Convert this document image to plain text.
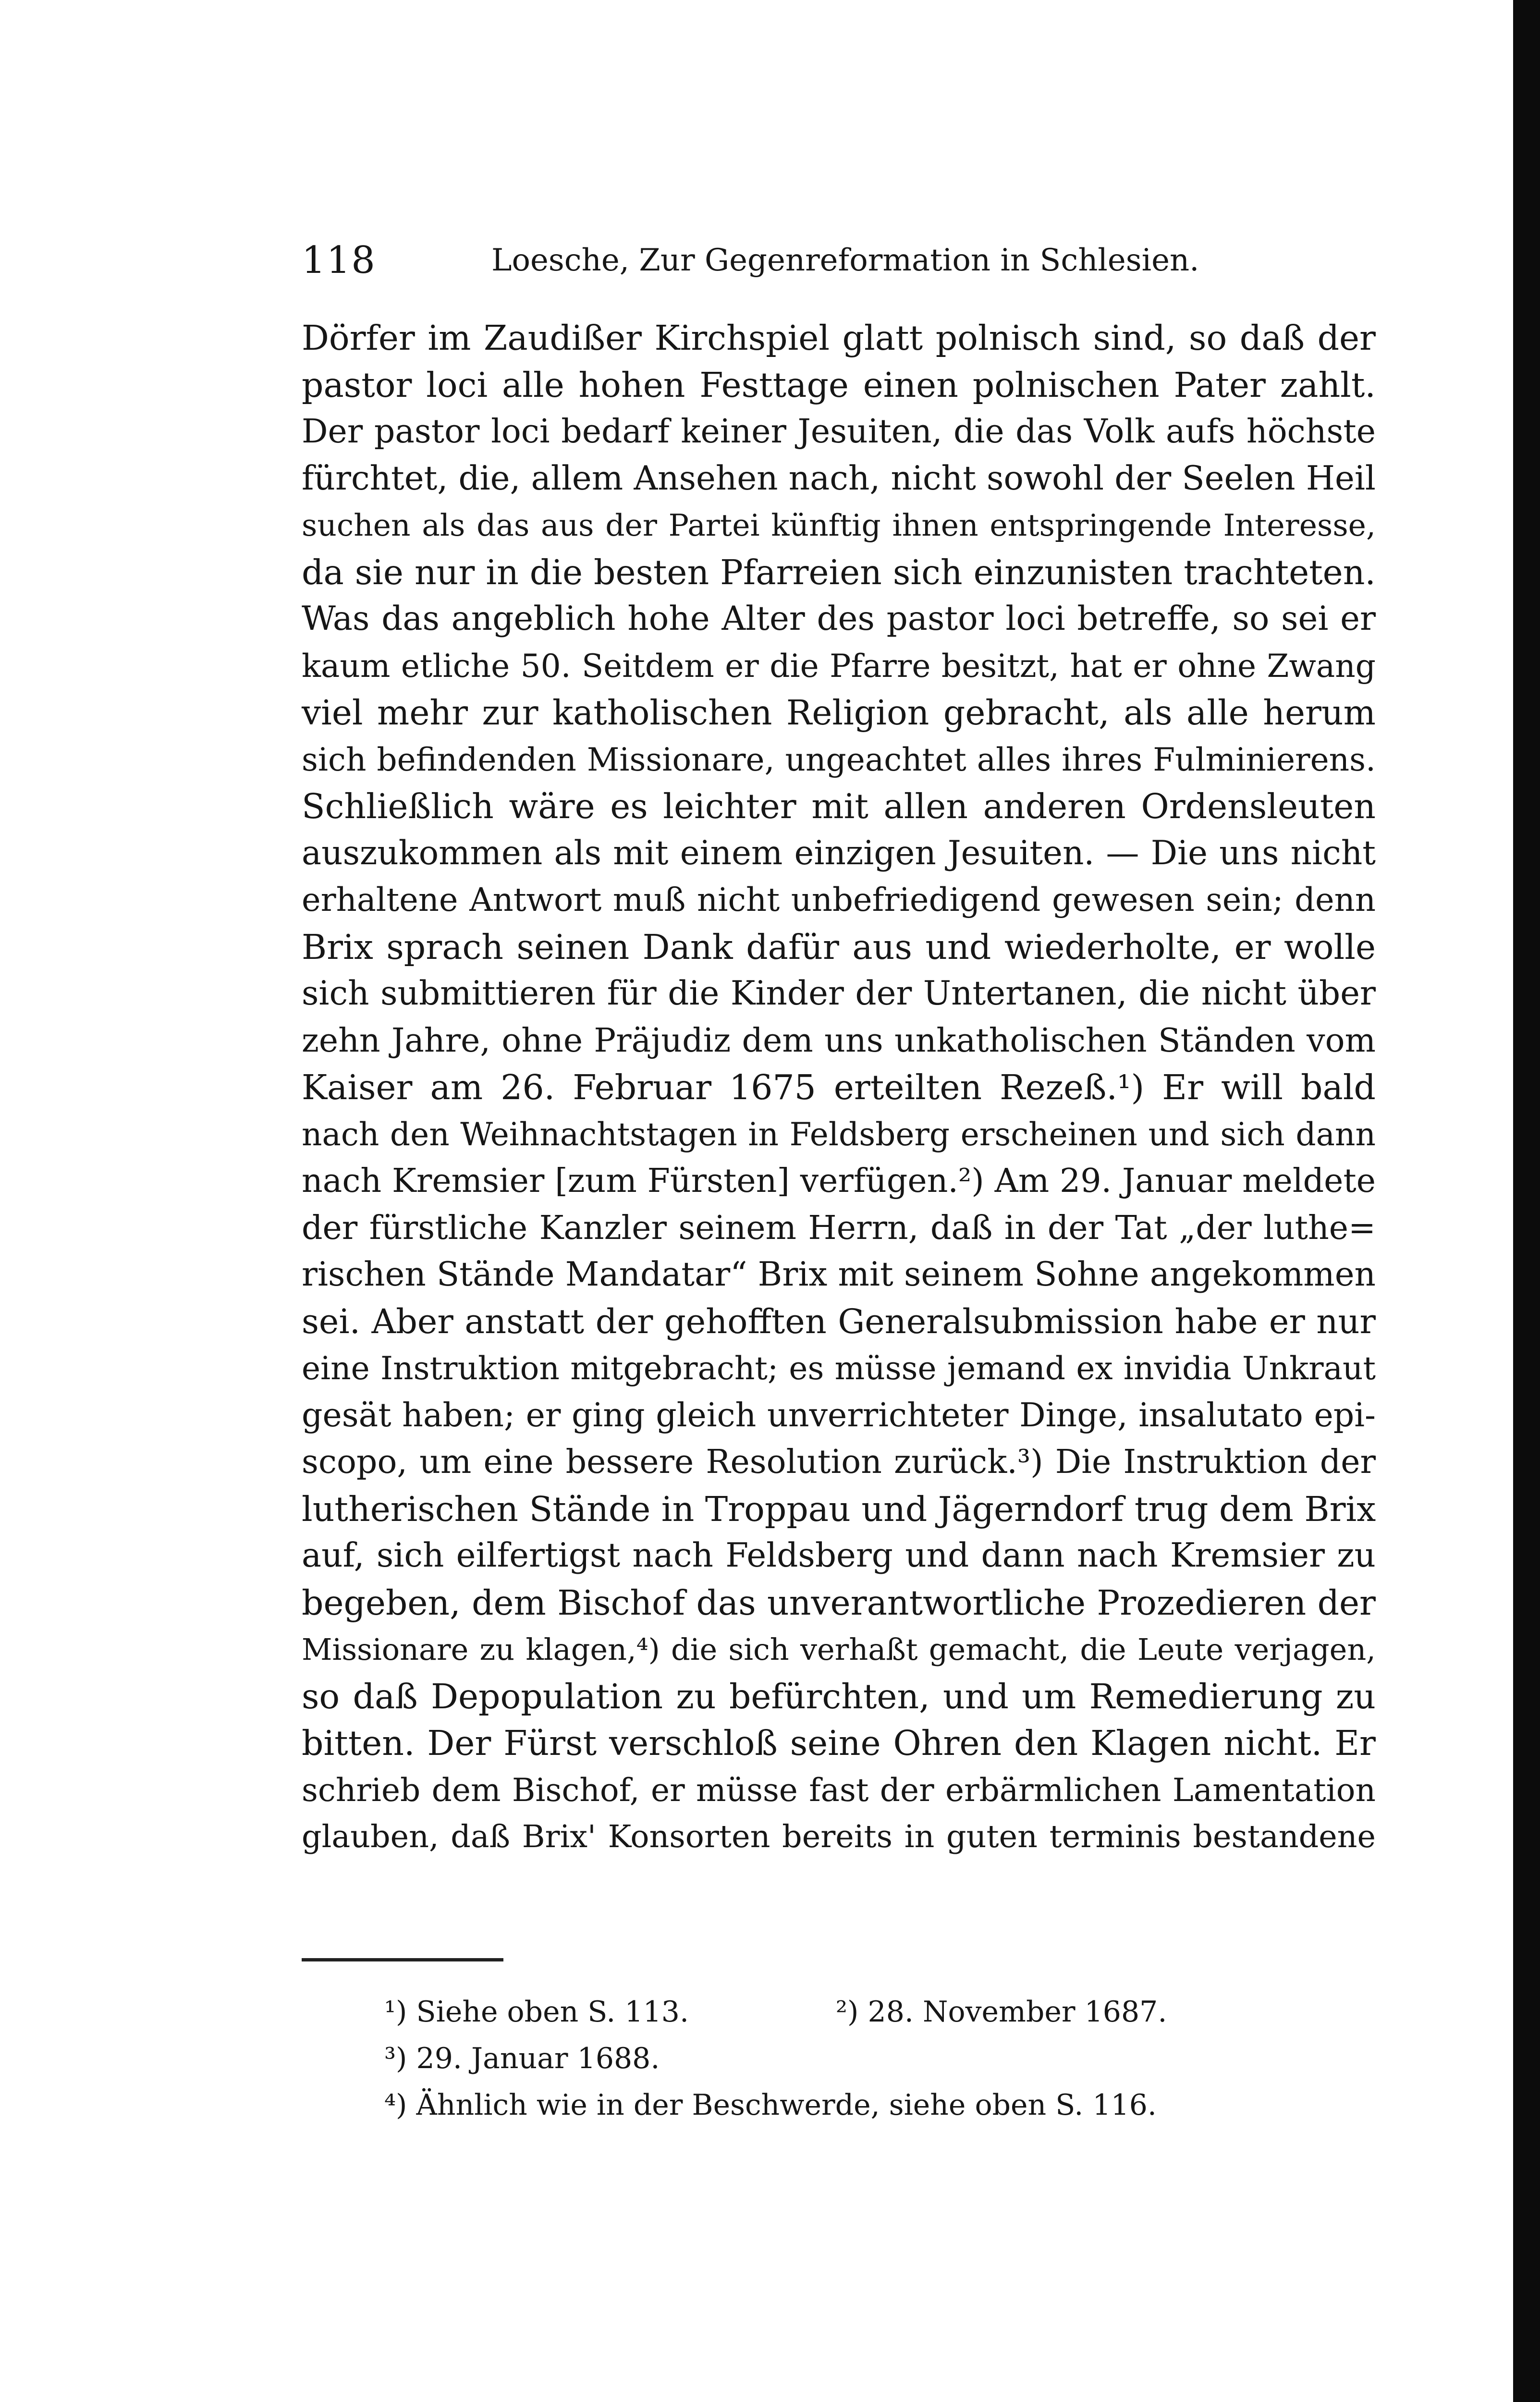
118	Loesche, Zur Gegenreformation in Schlesien.
Dörfer im Zaudißer Kirchspiel glatt polnisch sind, so daß der
pastor loci alle hohen Festtage einen polnischen Pater zahlt.
Der pastor loci bedarf keiner Jesuiten, die das Volk aufs höchste
fürchtet, die, allem Ansehen nach, nicht sowohl der Seelen Heil
suchen als das aus der Partei künftig ihnen entspringende Interesse,
da sie nur in die besten Pfarreien sich einzunisten trachteten.
Was das angeblich hohe Alter des pastor loci betreffe, so sei er
kaum etliche 50. Seitdem er die Pfarre besitzt, hat er ohne Zwang
viel mehr zur katholischen Religion gebracht, als alle herum
sich befindenden Missionare, ungeachtet alles ihres Fulminierens.
Schließlich wäre es leichter mit allen anderen Ordensleuten
auszukommen als mit einem einzigen Jesuiten. — Die uns nicht
erhaltene Antwort muß nicht unbefriedigend gewesen sein; denn
Brix sprach seinen Dank dafür aus und wiederholte, er wolle
sich submittieren für die Kinder der Untertanen, die nicht über
zehn Jahre, ohne Präjudiz dem uns unkatholischen Ständen vom
Kaiser am 26. Februar 1675 erteilten Rezeß.¹) Er will bald
nach den Weihnachtstagen in Feldsberg erscheinen und sich dann
nach Kremsier [zum Fürsten] verfügen.²) Am 29. Januar meldete
der fürstliche Kanzler seinem Herrn, daß in der Tat „der luthe=
rischen Stände Mandatar“ Brix mit seinem Sohne angekommen
sei. Aber anstatt der gehofften Generalsubmission habe er nur
eine Instruktion mitgebracht; es müsse jemand ex invidia Unkraut
gesät haben; er ging gleich unverrichteter Dinge, insalutato epi-
scopo, um eine bessere Resolution zurück.³) Die Instruktion der
lutherischen Stände in Troppau und Jägerndorf trug dem Brix
auf, sich eilfertigst nach Feldsberg und dann nach Kremsier zu
begeben, dem Bischof das unverantwortliche Prozedieren der
Missionare zu klagen,⁴) die sich verhaßt gemacht, die Leute verjagen,
so daß Depopulation zu befürchten, und um Remedierung zu
bitten. Der Fürst verschloß seine Ohren den Klagen nicht. Er
schrieb dem Bischof, er müsse fast der erbärmlichen Lamentation
glauben, daß Brix' Konsorten bereits in guten terminis bestandene
¹) Siehe oben S. 113.	²) 28. November 1687.
³) 29. Januar 1688.
⁴) Ähnlich wie in der Beschwerde, siehe oben S. 116.
